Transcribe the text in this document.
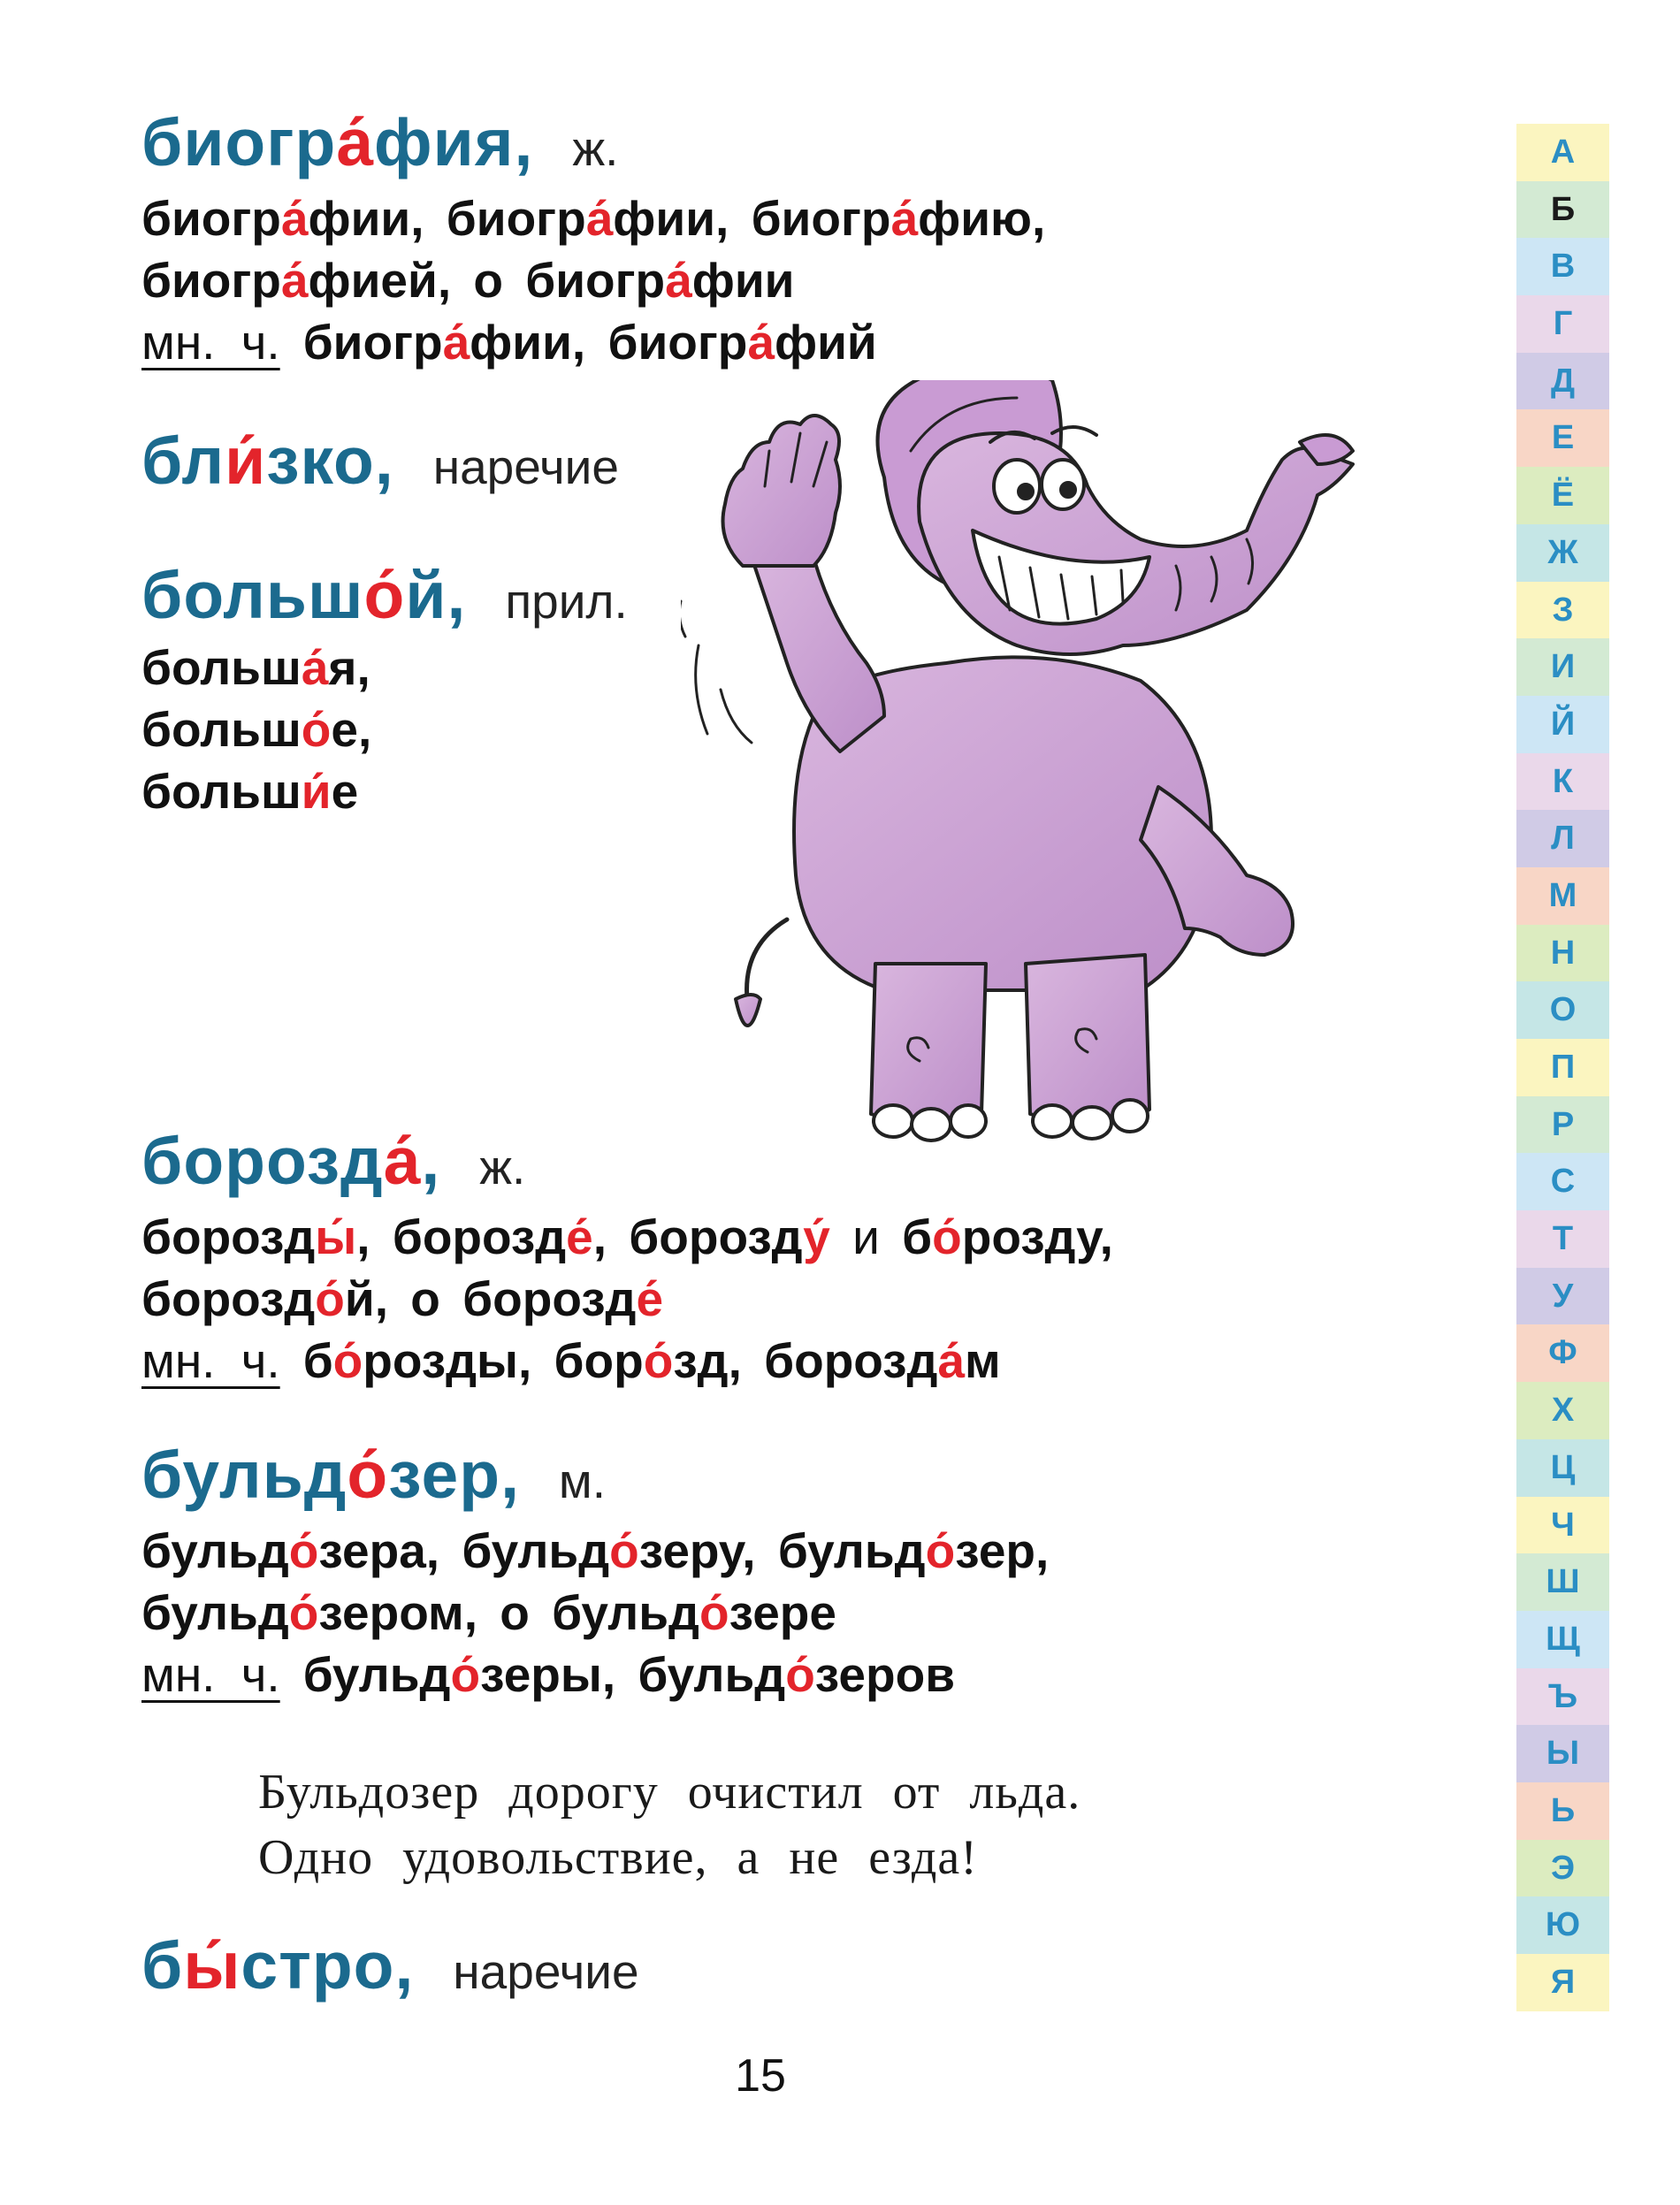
биогра́фия, ж.
биогра́фии, биогра́фии, биогра́фию,
биогра́фией, о биогра́фии
мн. ч. биогра́фии, биогра́фий
бли́зко, наречие
большо́й, прил.
больша́я,
большо́е,
больши́е
борозда́, ж.
борозды́, борозде́, борозду́ и бо́розду,
бороздо́й, о борозде́
мн. ч. бо́розды, боро́зд, борозда́м
бульдо́зер, м.
бульдо́зера, бульдо́зеру, бульдо́зер,
бульдо́зером, о бульдо́зере
мн. ч. бульдо́зеры, бульдо́зеров
Бульдозер дорогу очистил от льда.
Одно удовольствие, а не езда!
бы́стро, наречие
15
А
Б
В
Г
Д
Е
Ё
Ж
З
И
Й
К
Л
М
Н
О
П
Р
С
Т
У
Ф
Х
Ц
Ч
Ш
Щ
Ъ
Ы
Ь
Э
Ю
Я
